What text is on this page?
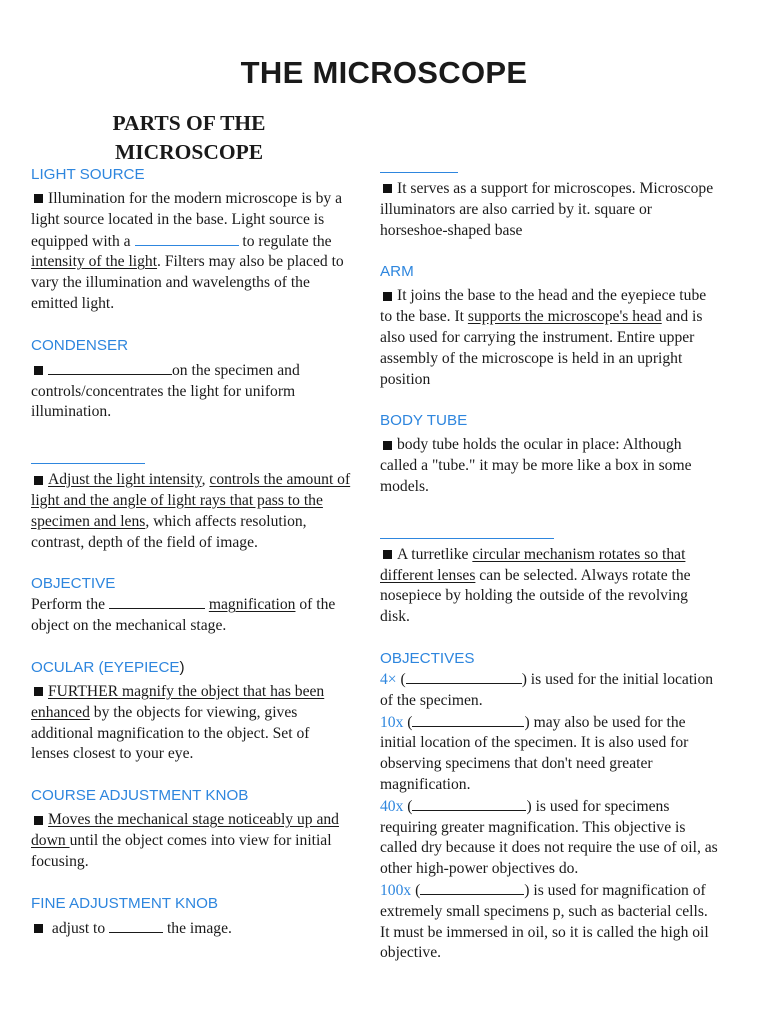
THE MICROSCOPE
PARTS OF THE
MICROSCOPE

LIGHT SOURCE

Illumination for the modern microscope is by a light source located in the base. Light source is equipped with a	to regulate the intensity of the light. Filters may also be placed to vary the illumination and wavelengths of the emitted light.

CONDENSER

on the specimen and controls/concentrates the light for uniform illumination.

Adjust the light intensity, controls the amount of light and the angle of light rays that pass to the specimen and lens, which affects resolution, contrast, depth of the field of image.

OBJECTIVE

Perform the	magnification of the object on the mechanical stage.

OCULAR (EYEPIECE)

FURTHER magnify the object that has been enhanced by the objects for viewing, gives additional magnification to the object. Set of lenses closest to your eye.

COURSE ADJUSTMENT KNOB

Moves the mechanical stage noticeably up and down until the object comes into view for initial focusing.

FINE ADJUSTMENT KNOB

adjust to	the image.

It serves as a support for microscopes. Microscope illuminators are also carried by it. square or horseshoe-shaped base

ARM

It joins the base to the head and the eyepiece tube to the base. It supports the microscope's head and is also used for carrying the instrument. Entire upper assembly of the microscope is held in an upright position

BODY TUBE

body tube holds the ocular in place: Although called a "tube." it may be more like a box in some models.

A turretlike circular mechanism rotates so that different lenses can be selected. Always rotate the nosepiece by holding the outside of the revolving disk.

OBJECTIVES

4× (	) is used for the initial location of the specimen.

10x (	) may also be used for the initial location of the specimen. It is also used for observing specimens that don't need greater magnification.

40x (	) is used for specimens requiring greater magnification. This objective is called dry because it does not require the use of oil, as other high-power objectives do.

100x (	) is used for magnification of extremely small specimens p, such as bacterial cells. It must be immersed in oil, so it is called the high oil objective.
